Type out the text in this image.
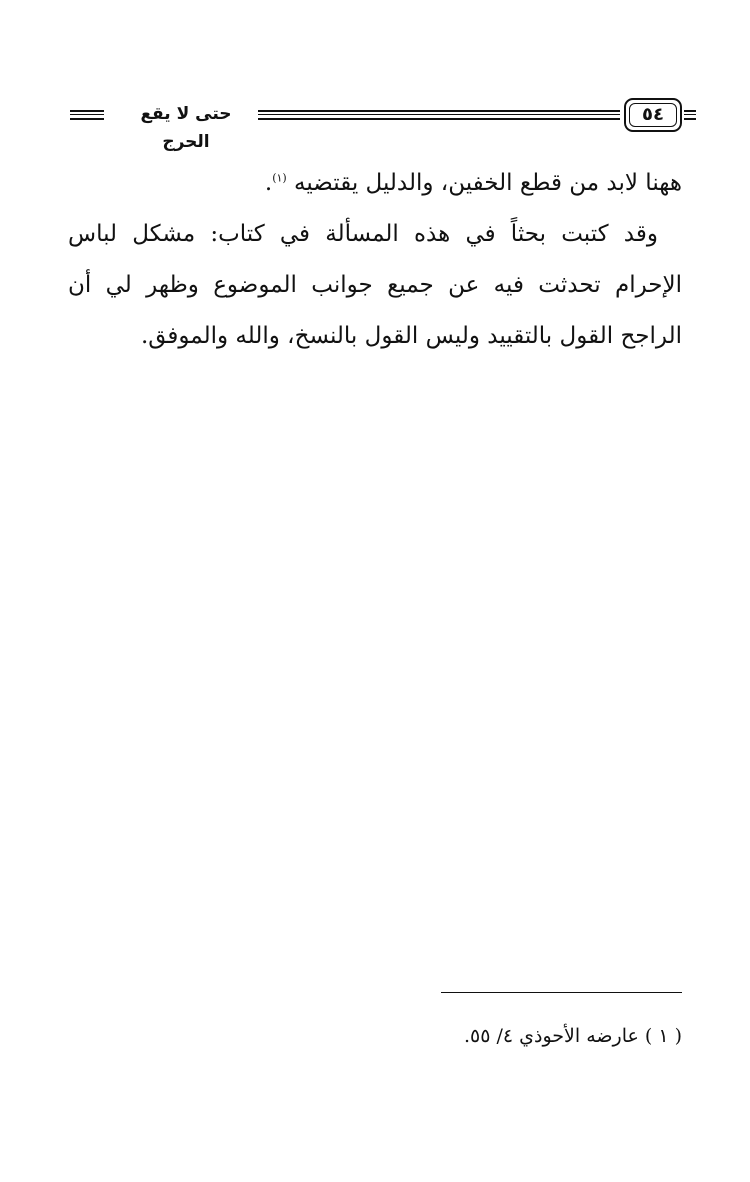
حتى لا يقع الحرج
٥٤

ههنا لابد من قطع الخفين، والدليل يقتضيه $^{(١)}$.

وقد كتبت بحثاً في هذه المسألة في كتاب: مشكل لباس الإحرام تحدثت فيه عن جميع جوانب الموضوع وظهر لي أن الراجح القول بالتقييد وليس القول بالنسخ، والله والموفق.

( ١ ) عارضه الأحوذي ٤/ ٥٥.
